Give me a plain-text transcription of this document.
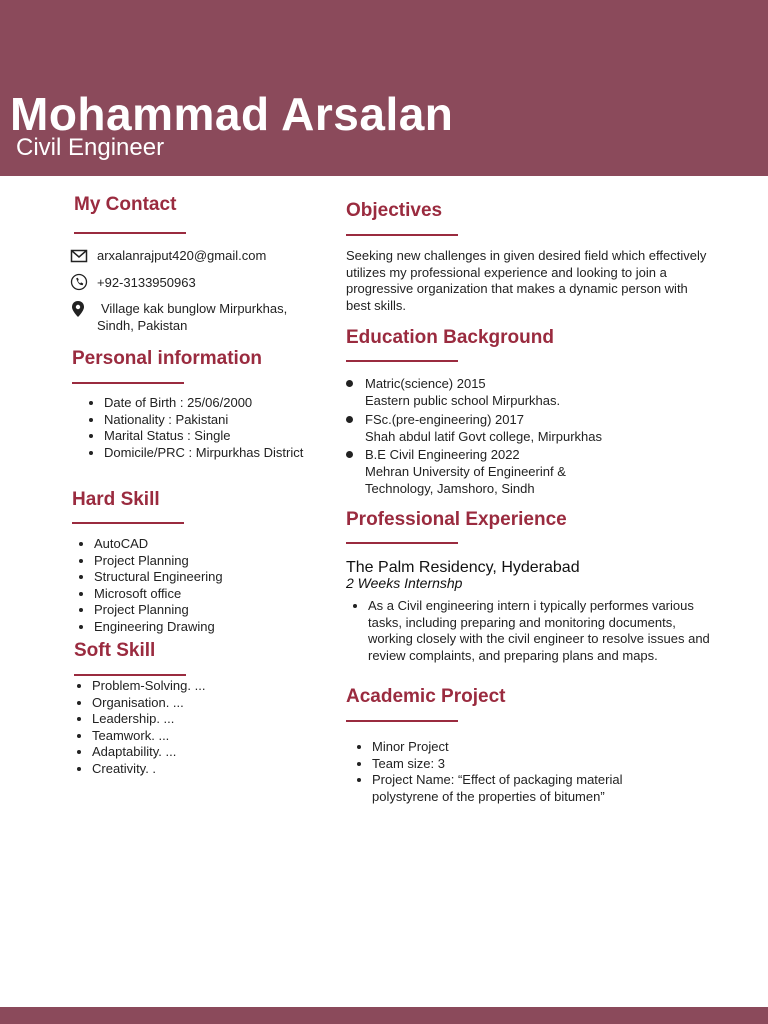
Mohammad Arsalan
Civil Engineer
My Contact
arxalanrajput420@gmail.com
+92-3133950963
Village kak bunglow Mirpurkhas,
Sindh, Pakistan
Personal information
• Date of Birth : 25/06/2000
• Nationality : Pakistani
• Marital Status : Single
• Domicile/PRC : Mirpurkhas District
Hard Skill
• AutoCAD
• Project Planning
• Structural Engineering
• Microsoft office
• Project Planning
• Engineering Drawing
Soft Skill
• Problem-Solving. ...
• Organisation. ...
• Leadership. ...
• Teamwork. ...
• Adaptability. ...
• Creativity. .
Objectives
Seeking new challenges in given desired field which effectively utilizes my professional experience and looking to join a progressive organization that makes a dynamic person with best skills.
Education Background
Matric(science) 2015
Eastern public school Mirpurkhas.
FSc.(pre-engineering) 2017
Shah abdul latif Govt college, Mirpurkhas
B.E Civil Engineering 2022
Mehran University of Engineerinf & Technology, Jamshoro, Sindh
Professional Experience
The Palm Residency, Hyderabad
2 Weeks Internshp
• As a Civil engineering intern i typically performes various tasks, including preparing and monitoring documents, working closely with the civil engineer to resolve issues and review complaints, and preparing plans and maps.
Academic Project
• Minor Project
• Team size: 3
• Project Name: “Effect of packaging material polystyrene of the properties of bitumen”
